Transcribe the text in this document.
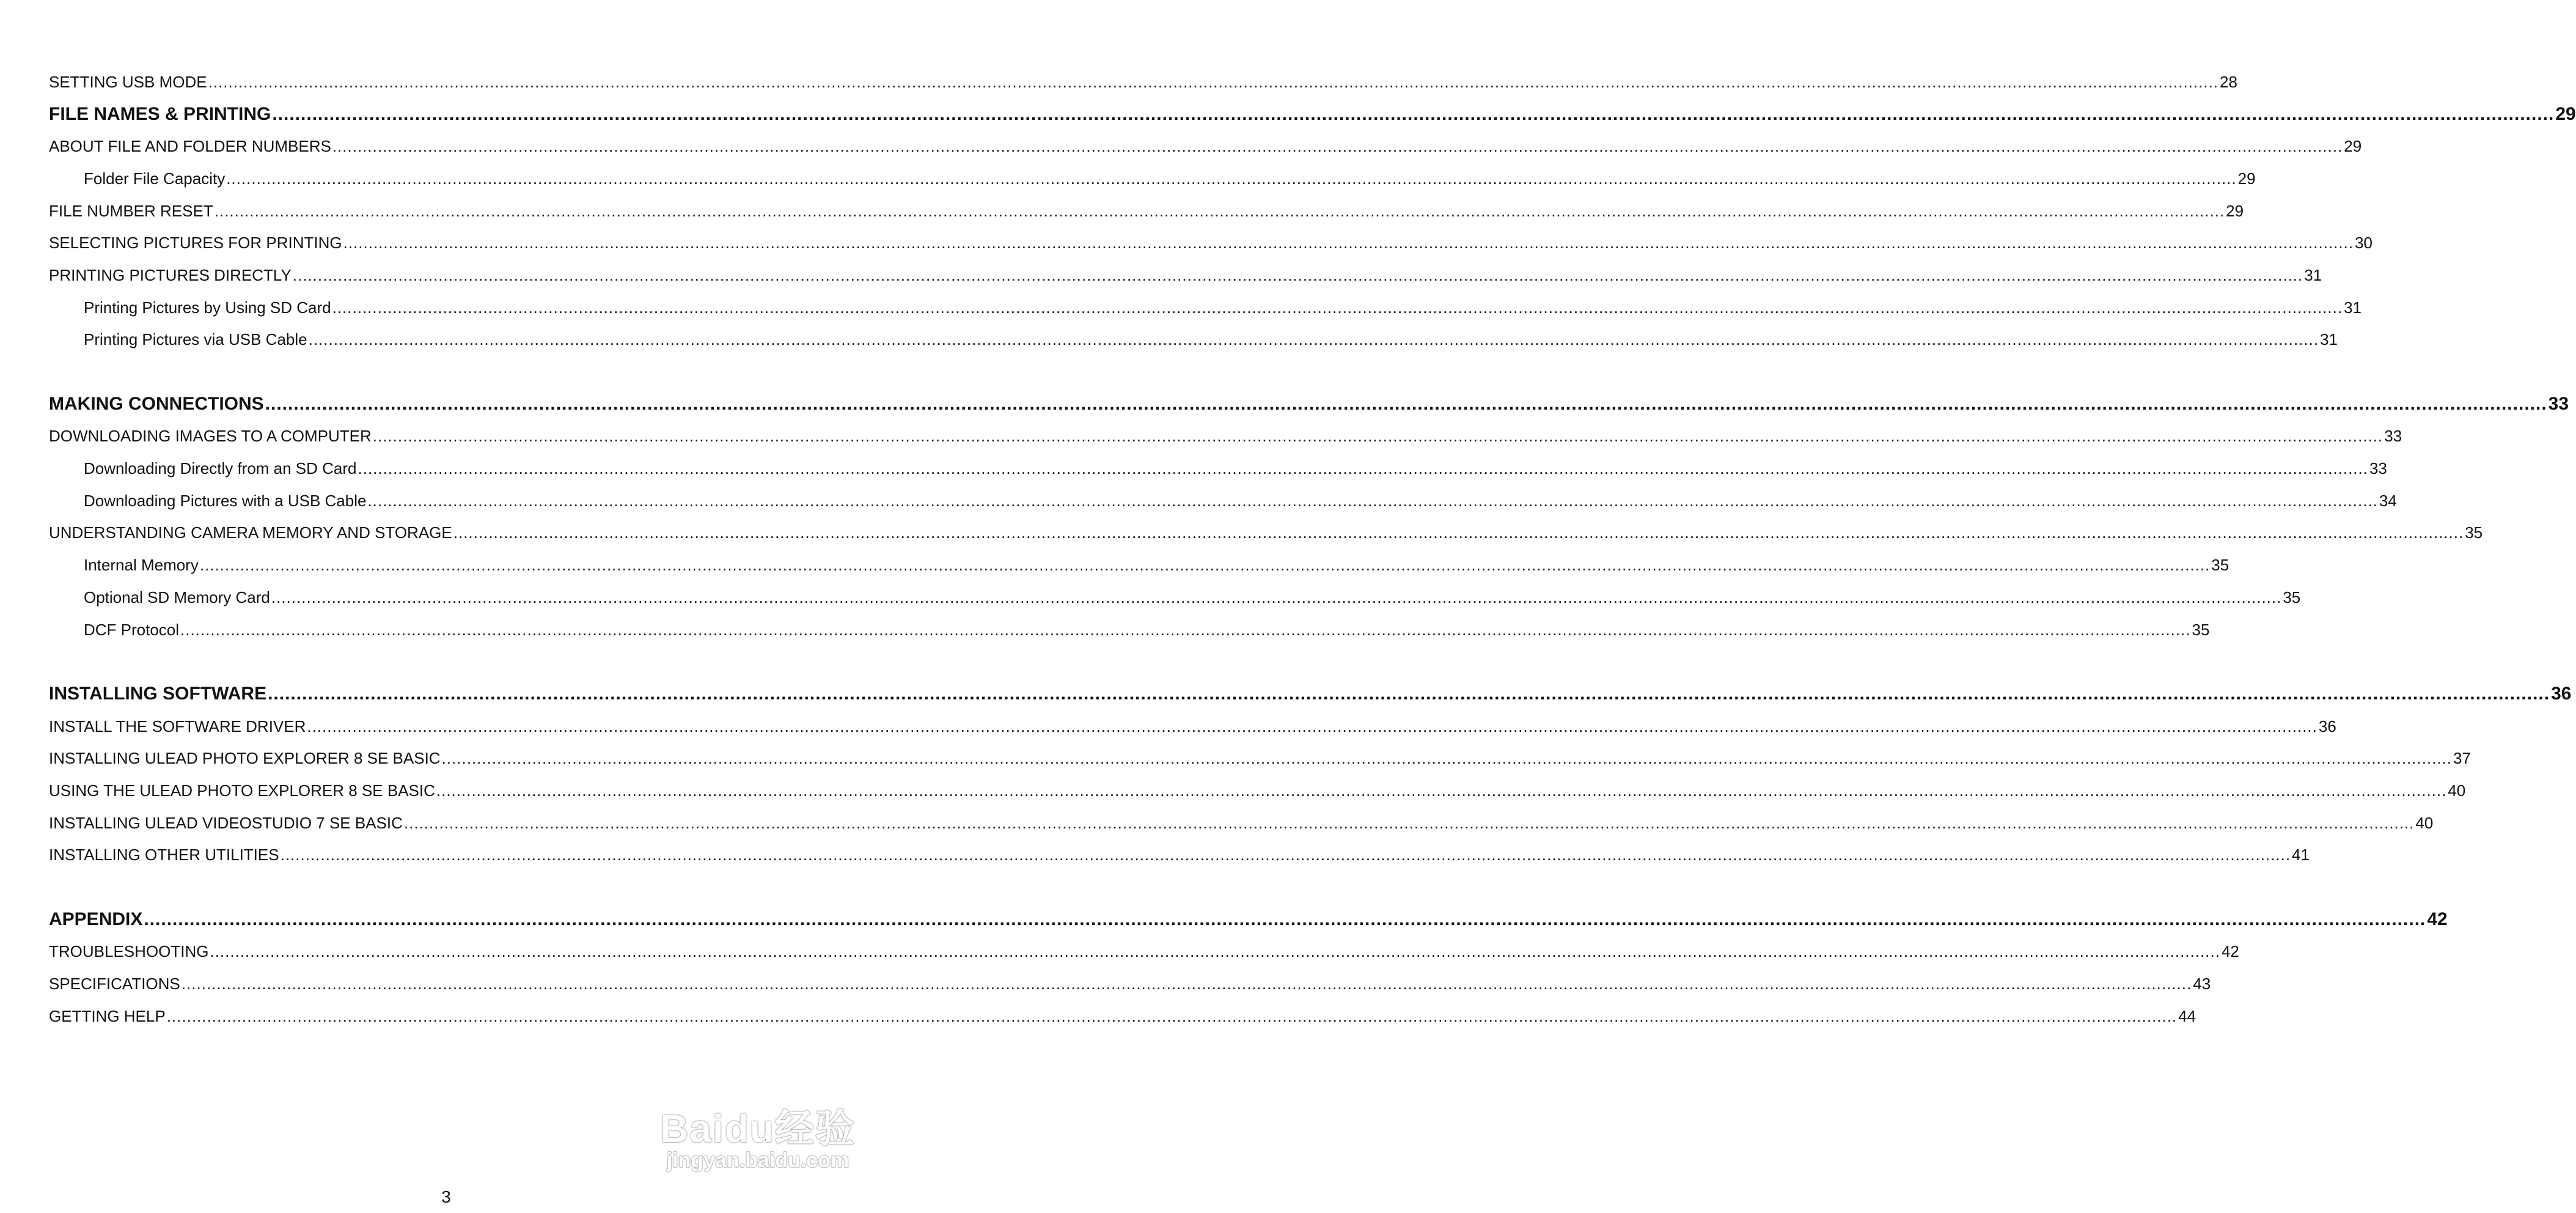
SETTING USB MODE ................................................................................................................................................................................................................................................................................................................................................................................................................ 28
FILE NAMES & PRINTING ................................................................................................................................................................................................................................................................................................................................................................................................................ 29
ABOUT FILE AND FOLDER NUMBERS ................................................................................................................................................................................................................................................................................................................................................................................................................ 29
Folder File Capacity ................................................................................................................................................................................................................................................................................................................................................................................................................ 29
FILE NUMBER RESET ................................................................................................................................................................................................................................................................................................................................................................................................................ 29
SELECTING PICTURES FOR PRINTING ................................................................................................................................................................................................................................................................................................................................................................................................................ 30
PRINTING PICTURES DIRECTLY ................................................................................................................................................................................................................................................................................................................................................................................................................ 31
Printing Pictures by Using SD Card ................................................................................................................................................................................................................................................................................................................................................................................................................ 31
Printing Pictures via USB Cable ................................................................................................................................................................................................................................................................................................................................................................................................................ 31
MAKING CONNECTIONS ................................................................................................................................................................................................................................................................................................................................................................................................................ 33
DOWNLOADING IMAGES TO A COMPUTER ................................................................................................................................................................................................................................................................................................................................................................................................................ 33
Downloading Directly from an SD Card ................................................................................................................................................................................................................................................................................................................................................................................................................ 33
Downloading Pictures with a USB Cable ................................................................................................................................................................................................................................................................................................................................................................................................................ 34
UNDERSTANDING CAMERA MEMORY AND STORAGE ................................................................................................................................................................................................................................................................................................................................................................................................................ 35
Internal Memory ................................................................................................................................................................................................................................................................................................................................................................................................................ 35
Optional SD Memory Card ................................................................................................................................................................................................................................................................................................................................................................................................................ 35
DCF Protocol ................................................................................................................................................................................................................................................................................................................................................................................................................ 35
INSTALLING SOFTWARE ................................................................................................................................................................................................................................................................................................................................................................................................................ 36
INSTALL THE SOFTWARE DRIVER ................................................................................................................................................................................................................................................................................................................................................................................................................ 36
INSTALLING ULEAD PHOTO EXPLORER 8 SE BASIC ................................................................................................................................................................................................................................................................................................................................................................................................................ 37
USING THE ULEAD PHOTO EXPLORER 8 SE BASIC ................................................................................................................................................................................................................................................................................................................................................................................................................ 40
INSTALLING ULEAD VIDEOSTUDIO 7 SE BASIC ................................................................................................................................................................................................................................................................................................................................................................................................................ 40
INSTALLING OTHER UTILITIES ................................................................................................................................................................................................................................................................................................................................................................................................................ 41
APPENDIX ................................................................................................................................................................................................................................................................................................................................................................................................................ 42
TROUBLESHOOTING ................................................................................................................................................................................................................................................................................................................................................................................................................ 42
SPECIFICATIONS ................................................................................................................................................................................................................................................................................................................................................................................................................ 43
GETTING HELP ................................................................................................................................................................................................................................................................................................................................................................................................................ 44
3
Baidu经验
jingyan.baidu.com
